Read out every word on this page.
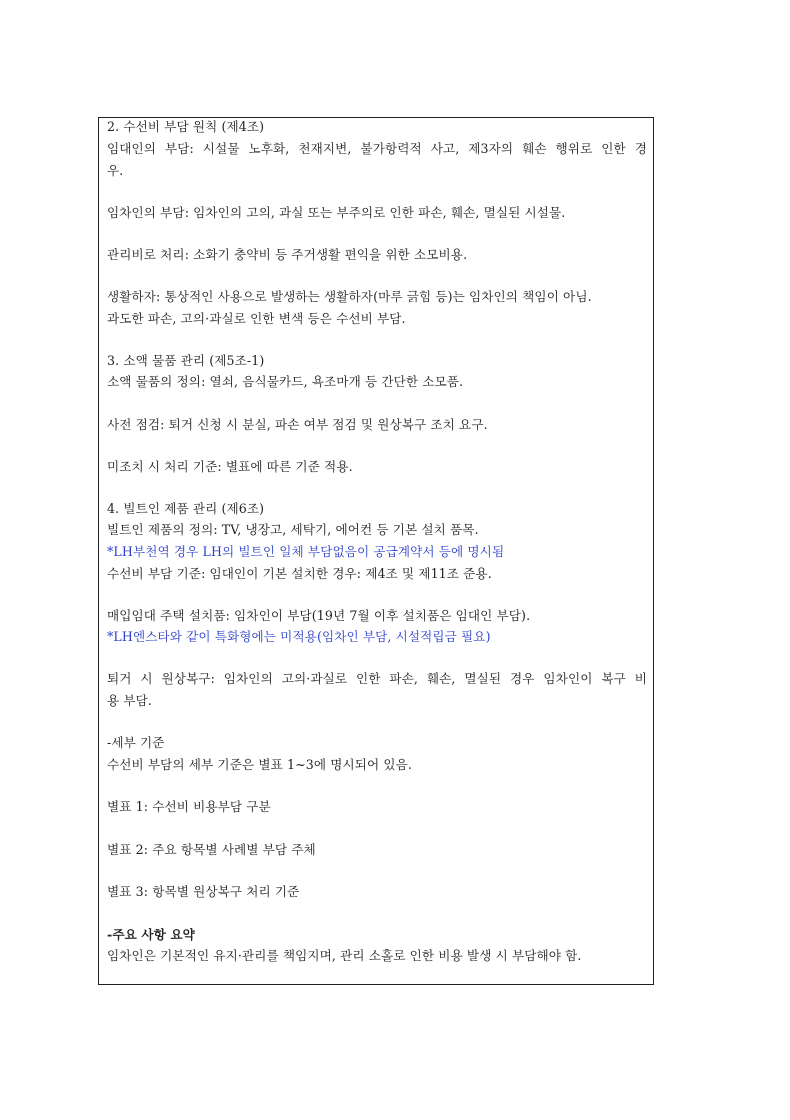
2. 수선비 부담 원칙 (제4조)
임대인의 부담: 시설물 노후화, 천재지변, 불가항력적 사고, 제3자의 훼손 행위로 인한 경
우.
임차인의 부담: 임차인의 고의, 과실 또는 부주의로 인한 파손, 훼손, 멸실된 시설물.
관리비로 처리: 소화기 충약비 등 주거생활 편익을 위한 소모비용.
생활하자: 통상적인 사용으로 발생하는 생활하자(마루 긁힘 등)는 임차인의 책임이 아님.
과도한 파손, 고의·과실로 인한 변색 등은 수선비 부담.
3. 소액 물품 관리 (제5조-1)
소액 물품의 정의: 열쇠, 음식물카드, 욕조마개 등 간단한 소모품.
사전 점검: 퇴거 신청 시 분실, 파손 여부 점검 및 원상복구 조치 요구.
미조치 시 처리 기준: 별표에 따른 기준 적용.
4. 빌트인 제품 관리 (제6조)
빌트인 제품의 정의: TV, 냉장고, 세탁기, 에어컨 등 기본 설치 품목.
*LH부천역 경우 LH의 빌트인 일체 부담없음이 공급계약서 등에 명시됨
수선비 부담 기준: 임대인이 기본 설치한 경우: 제4조 및 제11조 준용.
매입임대 주택 설치품: 임차인이 부담(19년 7월 이후 설치품은 임대인 부담).
*LH엔스타와 같이 특화형에는 미적용(임차인 부담, 시설적립금 필요)
퇴거 시 원상복구: 임차인의 고의·과실로 인한 파손, 훼손, 멸실된 경우 임차인이 복구 비
용 부담.
-세부 기준
수선비 부담의 세부 기준은 별표 1~3에 명시되어 있음.
별표 1: 수선비 비용부담 구분
별표 2: 주요 항목별 사례별 부담 주체
별표 3: 항목별 원상복구 처리 기준
-주요 사항 요약
임차인은 기본적인 유지·관리를 책임지며, 관리 소홀로 인한 비용 발생 시 부담해야 함.
